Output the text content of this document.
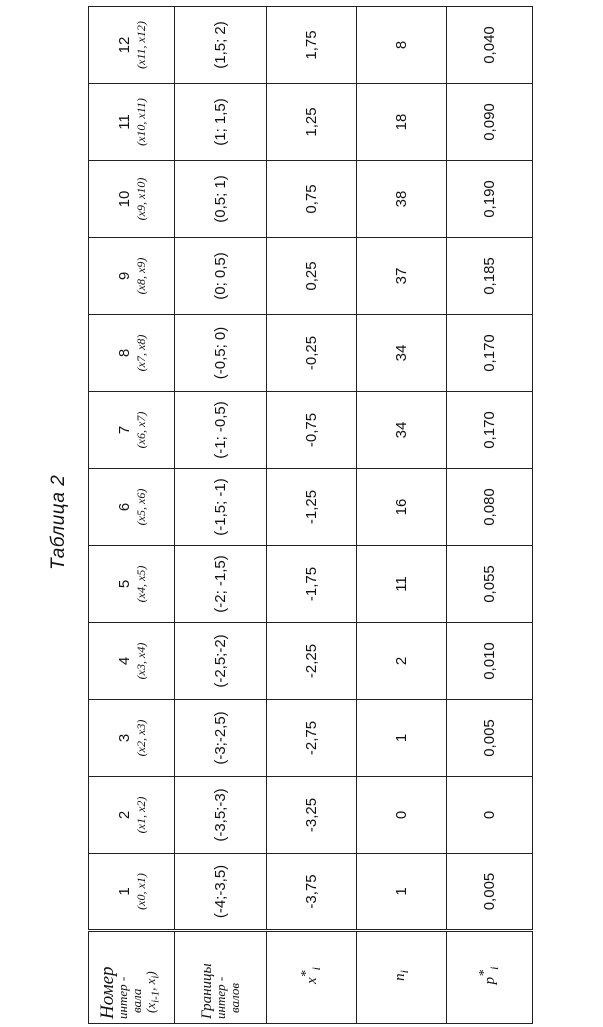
Таблица 2
Номер
интер -
вала
($x_{i-1}$, $x_i$)	1 (x0, x1)	2 (x1, x2)	3 (x2, x3)	4 (x3, x4)	5 (x4, x5)	6 (x5, x6)	7 (x6, x7)	8 (x7, x8)	9 (x8, x9)	10 (x9, x10)	11 (x10, x11)	12 (x11, x12)

Границы
интер -
валов	(-4;-3,5)	(-3,5;-3)	(-3;-2,5)	(-2,5;-2)	(-2; -1,5)	(-1,5; -1)	(-1; -0,5)	(-0,5; 0)	(0; 0,5)	(0,5; 1)	(1; 1,5)	(1,5; 2)
$x^*_i$	-3,75	-3,25	-2,75	-2,25	-1,75	-1,25	-0,75	-0,25	0,25	0,75	1,25	1,75
$n_i$	1	0	1	2	11	16	34	34	37	38	18	8
$p^*_i$	0,005	0	0,005	0,010	0,055	0,080	0,170	0,170	0,185	0,190	0,090	0,040
